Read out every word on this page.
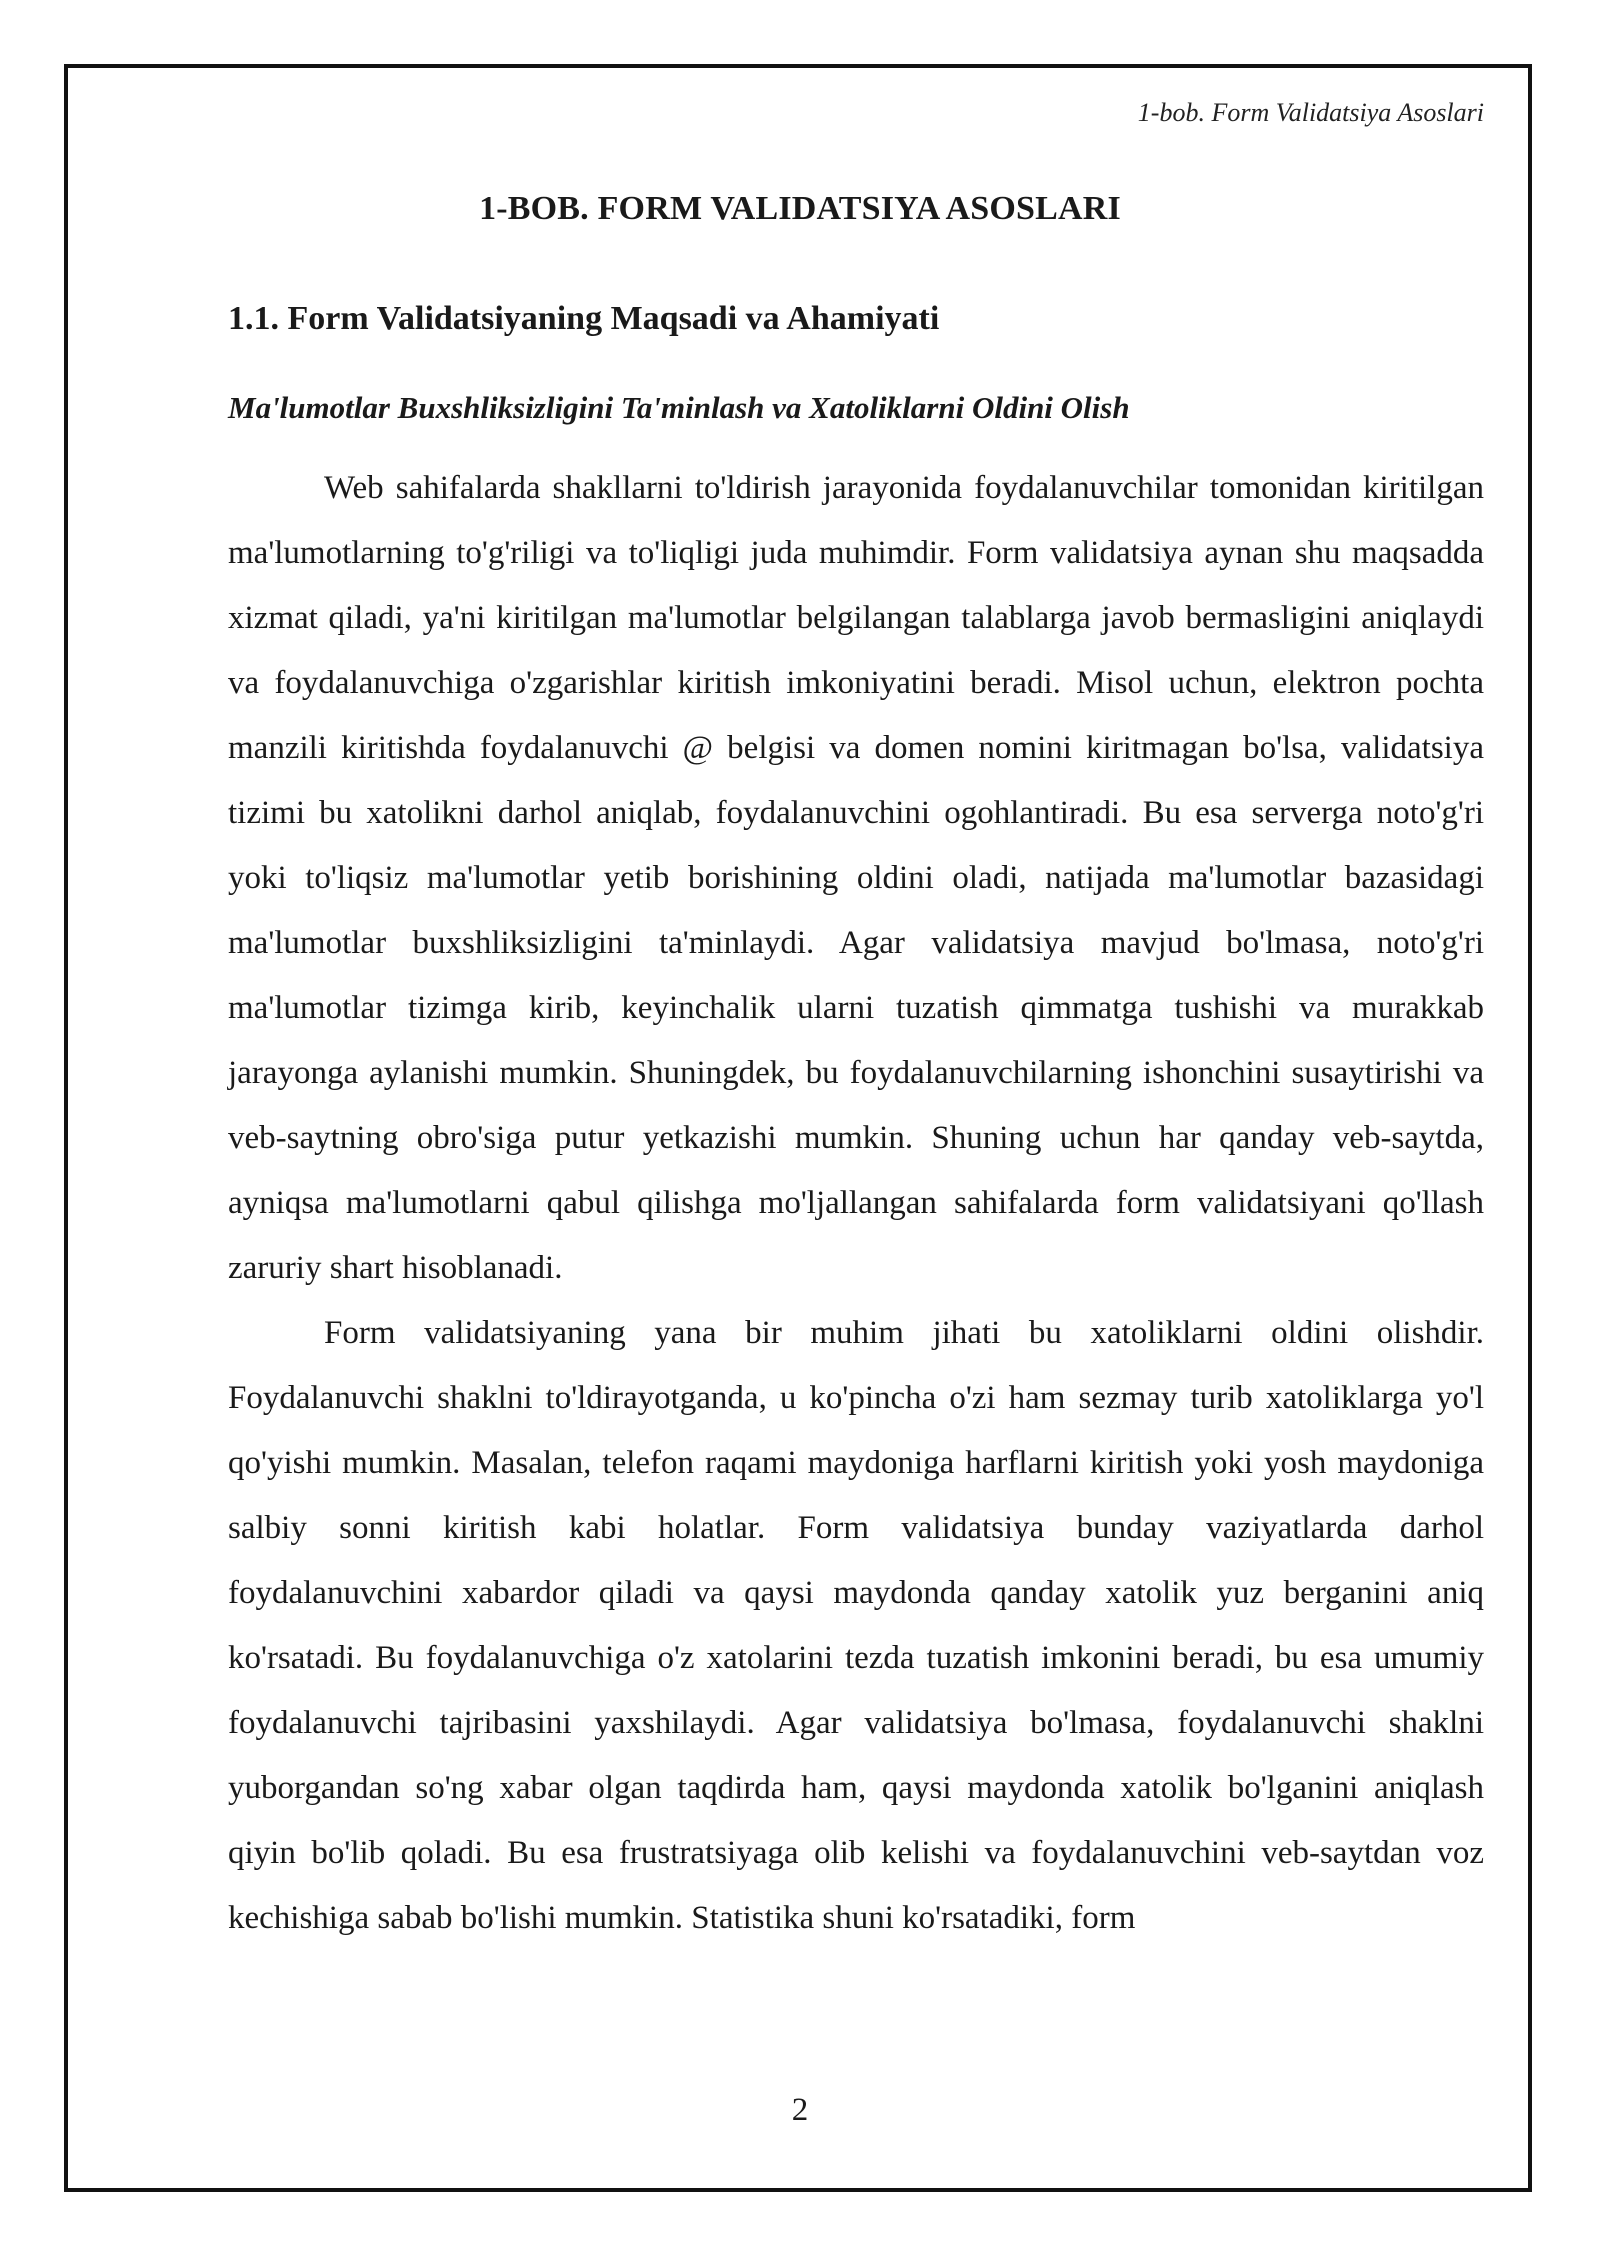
1-bob. Form Validatsiya Asoslari
1-BOB. FORM VALIDATSIYA ASOSLARI
1.1. Form Validatsiyaning Maqsadi va Ahamiyati
Ma'lumotlar Buxshliksizligini Ta'minlash va Xatoliklarni Oldini Olish

Web sahifalarda shakllarni to'ldirish jarayonida foydalanuvchilar tomonidan kiritilgan ma'lumotlarning to'g'riligi va to'liqligi juda muhimdir. Form validatsiya aynan shu maqsadda xizmat qiladi, ya'ni kiritilgan ma'lumotlar belgilangan talablarga javob bermasligini aniqlaydi va foydalanuvchiga o'zgarishlar kiritish imkoniyatini beradi. Misol uchun, elektron pochta manzili kiritishda foydalanuvchi @ belgisi va domen nomini kiritmagan bo'lsa, validatsiya tizimi bu xatolikni darhol aniqlab, foydalanuvchini ogohlantiradi. Bu esa serverga noto'g'ri yoki to'liqsiz ma'lumotlar yetib borishining oldini oladi, natijada ma'lumotlar bazasidagi ma'lumotlar buxshliksizligini ta'minlaydi. Agar validatsiya mavjud bo'lmasa, noto'g'ri ma'lumotlar tizimga kirib, keyinchalik ularni tuzatish qimmatga tushishi va murakkab jarayonga aylanishi mumkin. Shuningdek, bu foydalanuvchilarning ishonchini susaytirishi va veb-saytning obro'siga putur yetkazishi mumkin. Shuning uchun har qanday veb-saytda, ayniqsa ma'lumotlarni qabul qilishga mo'ljallangan sahifalarda form validatsiyani qo'llash zaruriy shart hisoblanadi.

Form validatsiyaning yana bir muhim jihati bu xatoliklarni oldini olishdir. Foydalanuvchi shaklni to'ldirayotganda, u ko'pincha o'zi ham sezmay turib xatoliklarga yo'l qo'yishi mumkin. Masalan, telefon raqami maydoniga harflarni kiritish yoki yosh maydoniga salbiy sonni kiritish kabi holatlar. Form validatsiya bunday vaziyatlarda darhol foydalanuvchini xabardor qiladi va qaysi maydonda qanday xatolik yuz berganini aniq ko'rsatadi. Bu foydalanuvchiga o'z xatolarini tezda tuzatish imkonini beradi, bu esa umumiy foydalanuvchi tajribasini yaxshilaydi. Agar validatsiya bo'lmasa, foydalanuvchi shaklni yuborgandan so'ng xabar olgan taqdirda ham, qaysi maydonda xatolik bo'lganini aniqlash qiyin bo'lib qoladi. Bu esa frustratsiyaga olib kelishi va foydalanuvchini veb-saytdan voz kechishiga sabab bo'lishi mumkin. Statistika shuni ko'rsatadiki, form

2
